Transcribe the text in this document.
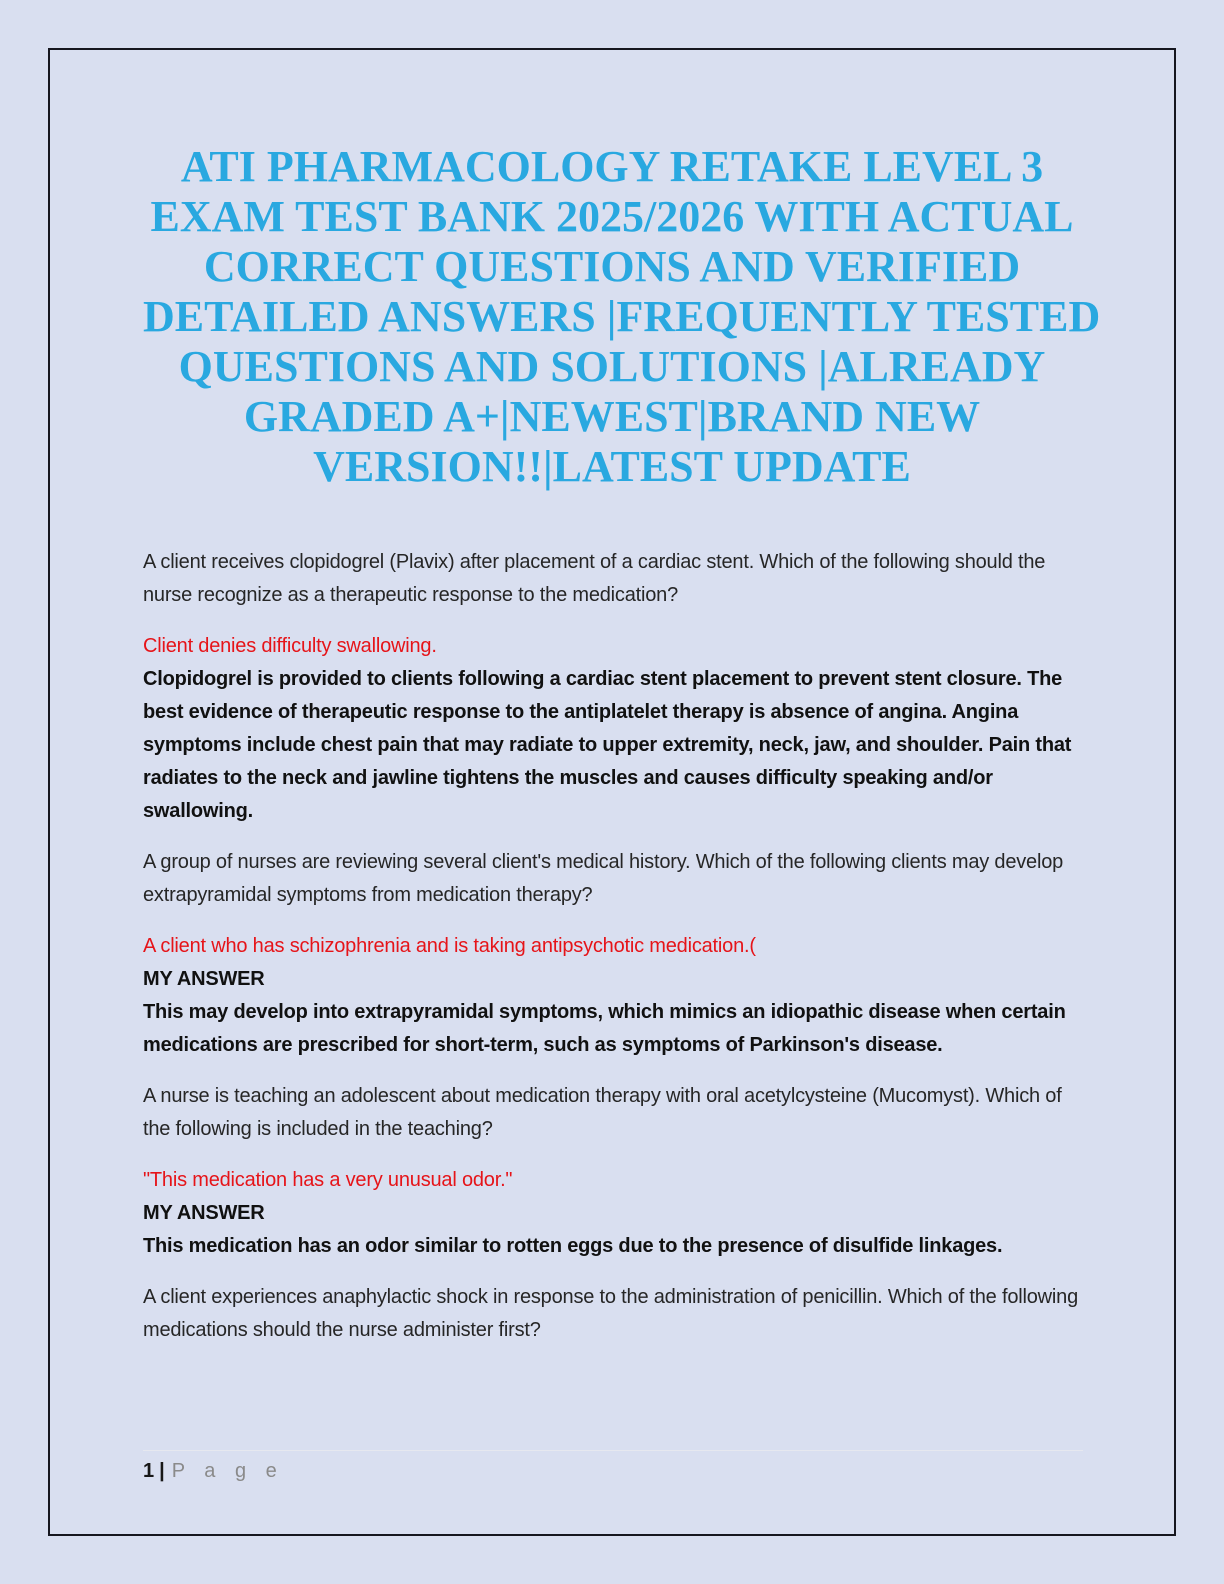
ATI PHARMACOLOGY RETAKE LEVEL 3
EXAM TEST BANK 2025/2026 WITH ACTUAL
CORRECT QUESTIONS AND VERIFIED
DETAILED ANSWERS |FREQUENTLY TESTED
QUESTIONS AND SOLUTIONS |ALREADY
GRADED A+|NEWEST|BRAND NEW
VERSION!!|LATEST UPDATE

A client receives clopidogrel (Plavix) after placement of a cardiac stent. Which of the following should the nurse recognize as a therapeutic response to the medication?

Client denies difficulty swallowing.
Clopidogrel is provided to clients following a cardiac stent placement to prevent stent closure. The best evidence of therapeutic response to the antiplatelet therapy is absence of angina. Angina symptoms include chest pain that may radiate to upper extremity, neck, jaw, and shoulder. Pain that radiates to the neck and jawline tightens the muscles and causes difficulty speaking and/or swallowing.

A group of nurses are reviewing several client's medical history. Which of the following clients may develop extrapyramidal symptoms from medication therapy?

A client who has schizophrenia and is taking antipsychotic medication.(
MY ANSWER
This may develop into extrapyramidal symptoms, which mimics an idiopathic disease when certain medications are prescribed for short-term, such as symptoms of Parkinson's disease.

A nurse is teaching an adolescent about medication therapy with oral acetylcysteine (Mucomyst). Which of the following is included in the teaching?

"This medication has a very unusual odor."
MY ANSWER
This medication has an odor similar to rotten eggs due to the presence of disulfide linkages.

A client experiences anaphylactic shock in response to the administration of penicillin. Which of the following medications should the nurse administer first?

1 | P a g e
